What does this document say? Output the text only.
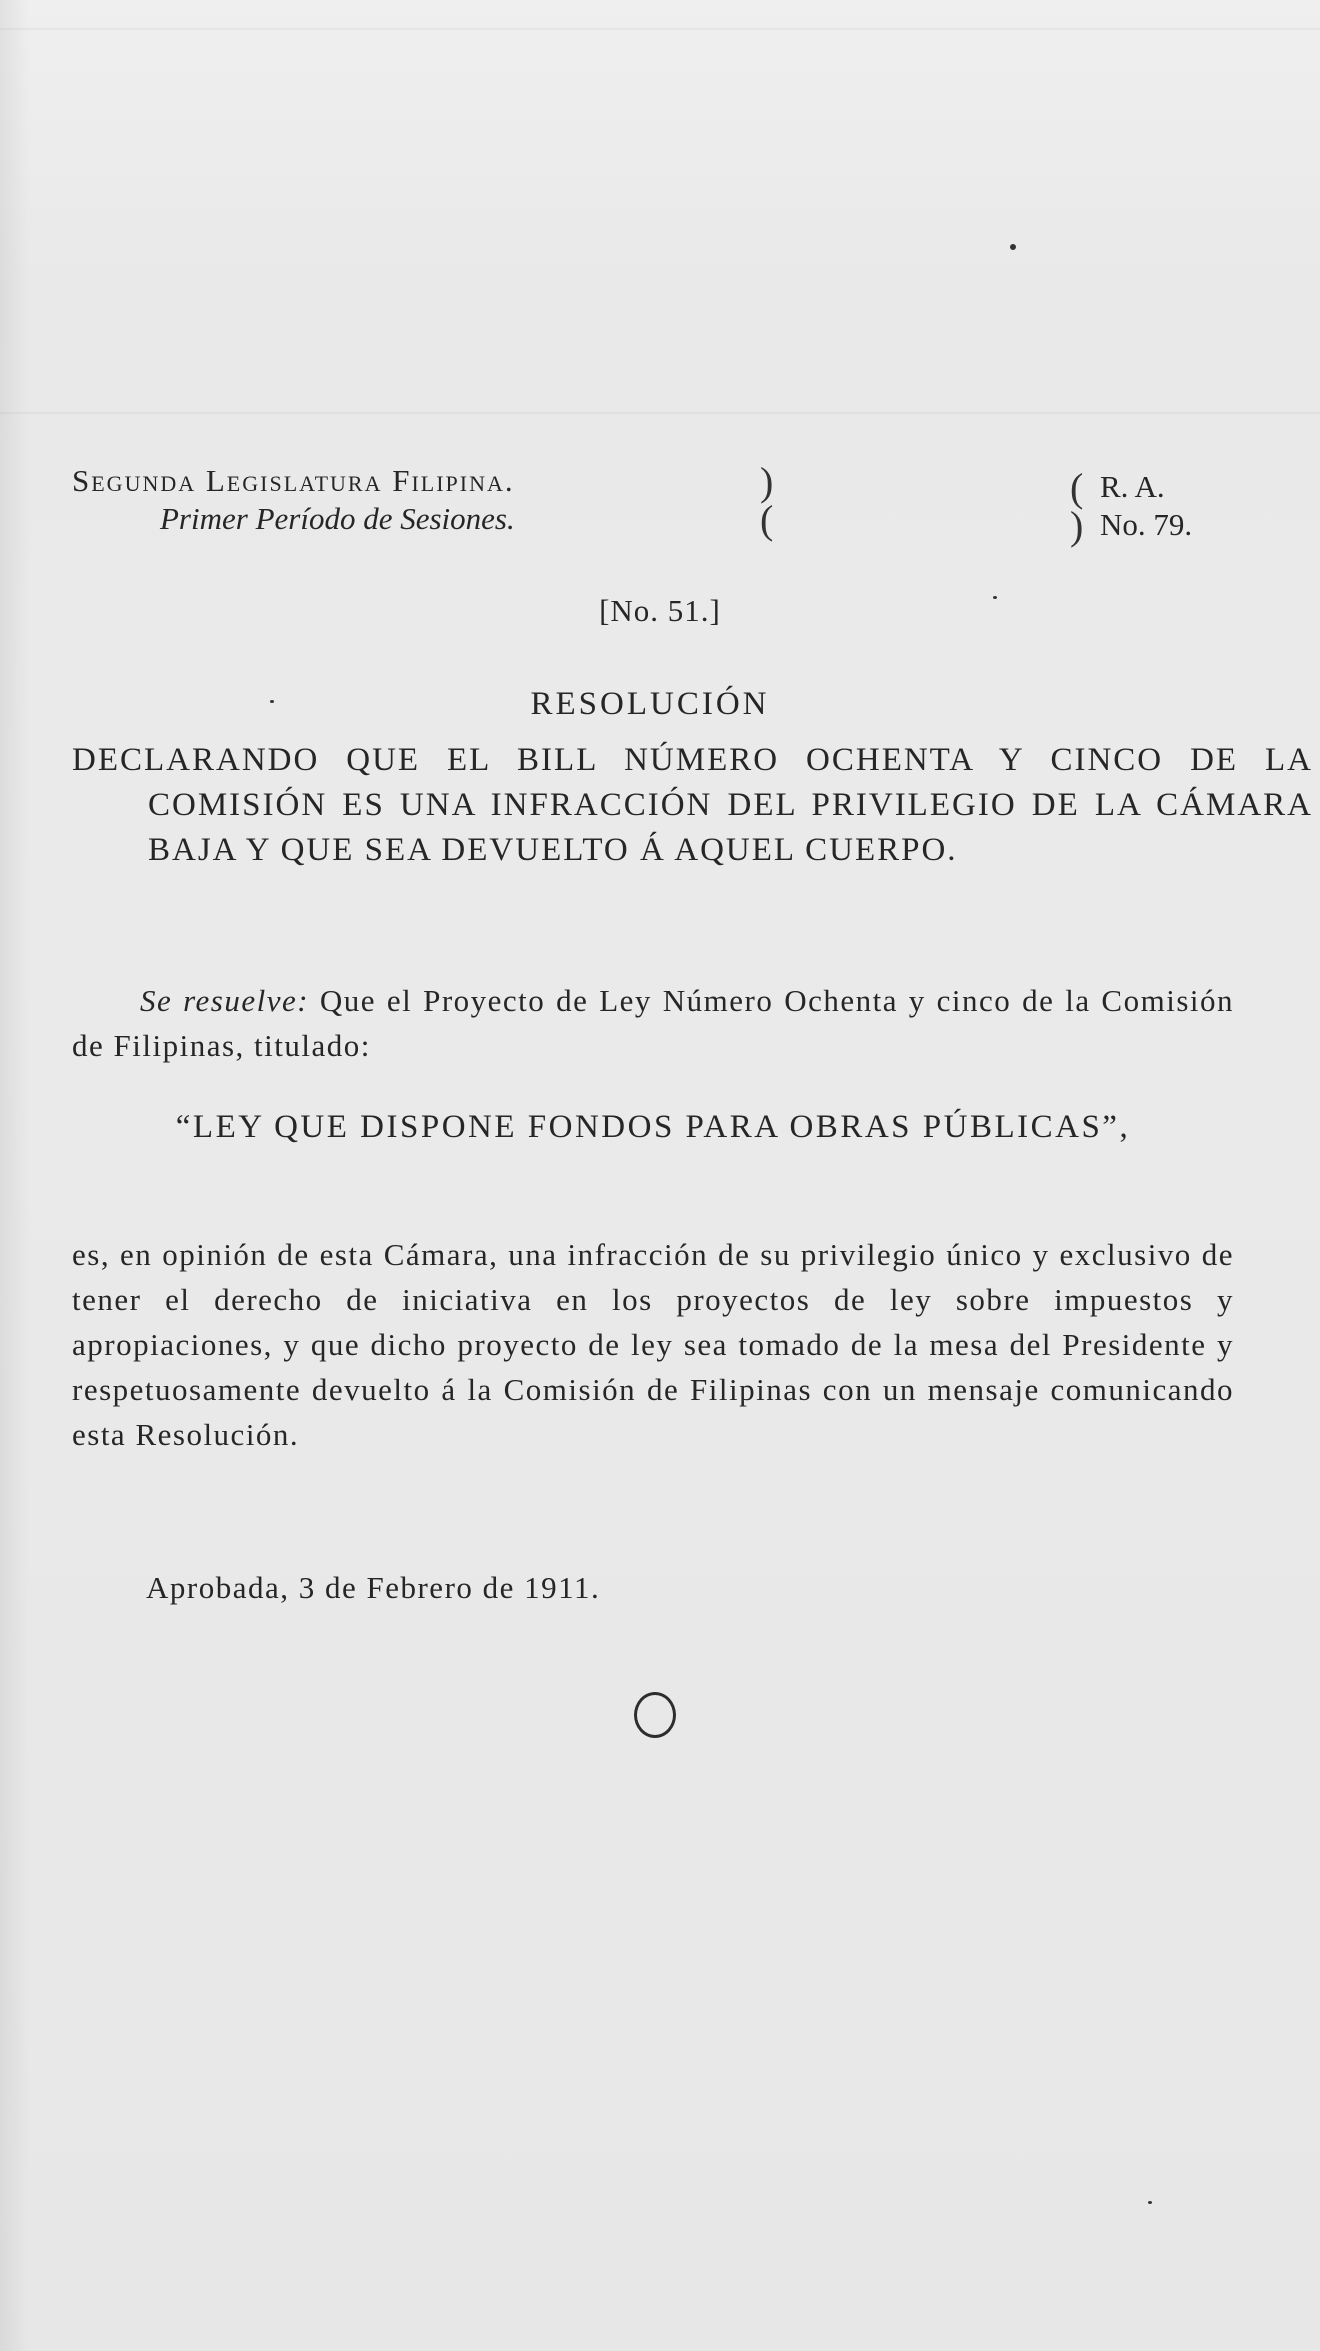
Segunda Legislatura Filipina.
Primer Período de Sesiones.
)
(
(
)
R. A.
No. 79.
[No. 51.]
RESOLUCIÓN
DECLARANDO QUE EL BILL NÚMERO OCHENTA Y CINCO DE LA COMISIÓN ES UNA INFRACCIÓN DEL PRIVILEGIO DE LA CÁMARA BAJA Y QUE SEA DEVUELTO Á AQUEL CUERPO.
Se resuelve: Que el Proyecto de Ley Número Ochenta y cinco de la Comisión de Filipinas, titulado:
“LEY QUE DISPONE FONDOS PARA OBRAS PÚBLICAS”,
es, en opinión de esta Cámara, una infracción de su privilegio único y exclusivo de tener el derecho de iniciativa en los proyectos de ley sobre impuestos y apropiaciones, y que dicho proyecto de ley sea tomado de la mesa del Presidente y respetuosamente devuelto á la Comisión de Filipinas con un mensaje comunicando esta Resolución.
Aprobada, 3 de Febrero de 1911.
